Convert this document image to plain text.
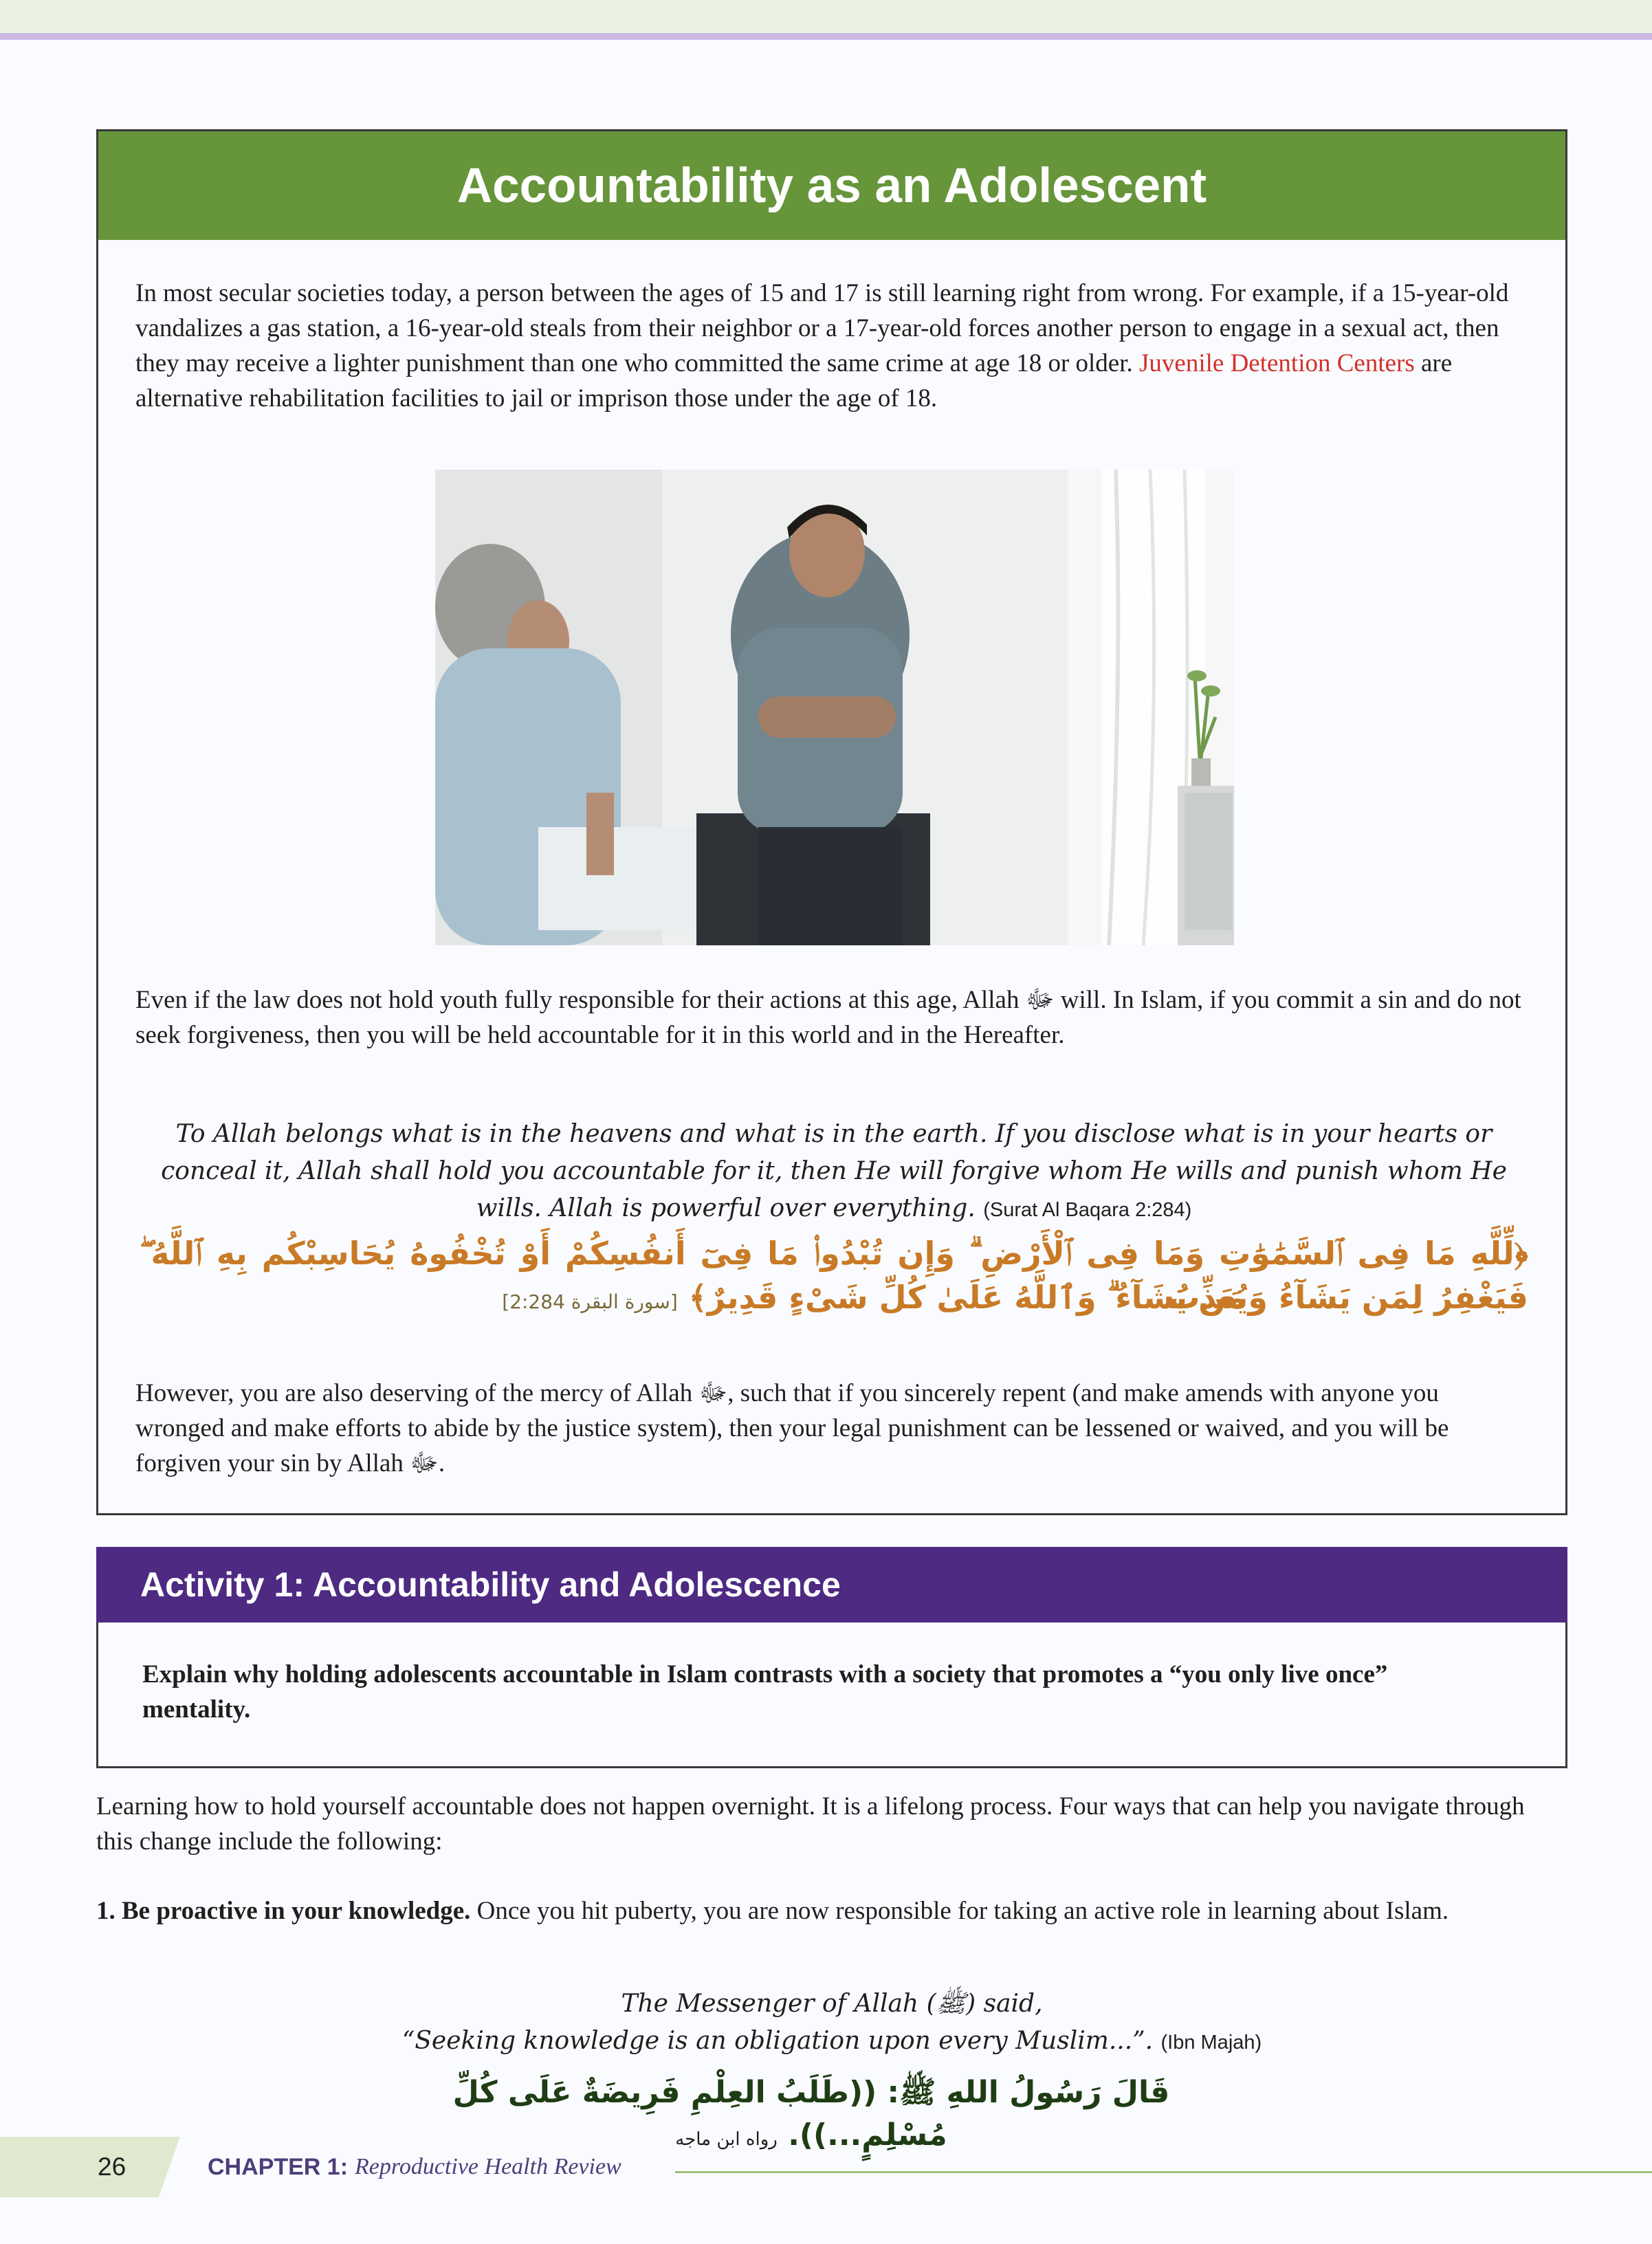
Accountability as an Adolescent
In most secular societies today, a person between the ages of 15 and 17 is still learning right from wrong. For example, if a 15-year-old vandalizes a gas station, a 16-year-old steals from their neighbor or a 17-year-old forces another person to engage in a sexual act, then they may receive a lighter punishment than one who committed the same crime at age 18 or older. Juvenile Detention Centers are alternative rehabilitation facilities to jail or imprison those under the age of 18.
Even if the law does not hold youth fully responsible for their actions at this age, Allah ﷻ will. In Islam, if you commit a sin and do not seek forgiveness, then you will be held accountable for it in this world and in the Hereafter.
To Allah belongs what is in the heavens and what is in the earth. If you disclose what is in your hearts or conceal it, Allah shall hold you accountable for it, then He will forgive whom He wills and punish whom He wills. Allah is powerful over everything. (Surat Al Baqara 2:284)
﴿لِّلَّهِ مَا فِى ٱلسَّمَٰوَٰتِ وَمَا فِى ٱلْأَرْضِ ۗ وَإِن تُبْدُوا۟ مَا فِىٓ أَنفُسِكُمْ أَوْ تُخْفُوهُ يُحَاسِبْكُم بِهِ ٱللَّهُ ۖ فَيَغْفِرُ لِمَن يَشَآءُ وَيُعَذِّبُ
مَن يَشَآءُ ۗ وَٱللَّهُ عَلَىٰ كُلِّ شَىْءٍ قَدِيرٌ﴾ [سورة البقرة 2:284]
However, you are also deserving of the mercy of Allah ﷻ, such that if you sincerely repent (and make amends with anyone you wronged and make efforts to abide by the justice system), then your legal punishment can be lessened or waived, and you will be forgiven your sin by Allah ﷻ.
Activity 1: Accountability and Adolescence
Explain why holding adolescents accountable in Islam contrasts with a society that promotes a “you only live once” mentality.
Learning how to hold yourself accountable does not happen overnight. It is a lifelong process. Four ways that can help you navigate through this change include the following:
1. Be proactive in your knowledge. Once you hit puberty, you are now responsible for taking an active role in learning about Islam.
The Messenger of Allah (ﷺ) said,
“Seeking knowledge is an obligation upon every Muslim...”. (Ibn Majah)
قَالَ رَسُولُ اللهِ ﷺ: ((طَلَبُ العِلْمِ فَرِيضَةٌ عَلَى كُلِّ مُسْلِمٍ...)). رواه ابن ماجه
26	CHAPTER 1: Reproductive Health Review
